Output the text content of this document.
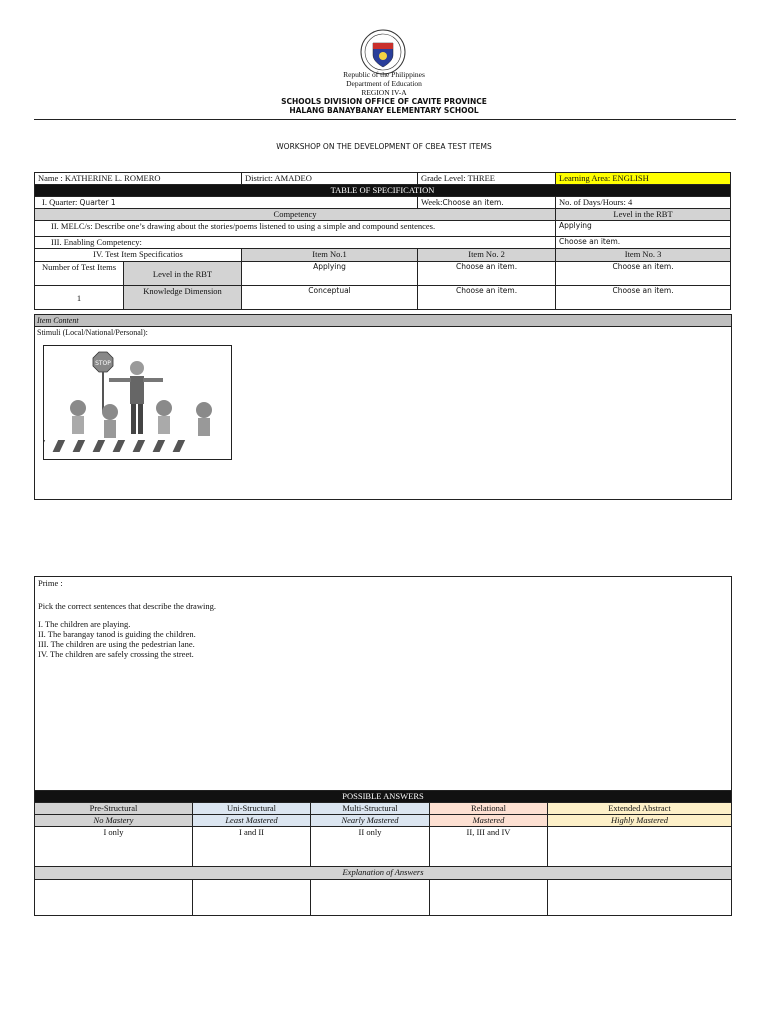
Republic of the Philippines
Department of Education
REGION IV-A
SCHOOLS DIVISION OFFICE OF CAVITE PROVINCE
HALANG BANAYBANAY ELEMENTARY SCHOOL
WORKSHOP ON THE DEVELOPMENT OF CBEA TEST ITEMS
Name : KATHERINE L. ROMERO		District: AMADEO	Grade Level: THREE	Learning Area: ENGLISH
TABLE OF SPECIFICATION				
I. Quarter: Quarter 1			Week:Choose an item.	No. of Days/Hours: 4
Competency				Level in the RBT
II. MELC/s: Describe one’s drawing about the stories/poems listened to using a simple and compound sentences.				Applying
III. Enabling Competency:				Choose an item.
IV. Test Item Specificatios		Item No.1	Item No. 2	Item No. 3
Number of Test Items	Level in the RBT	Applying	Choose an item.	Choose an item.
1	Knowledge Dimension	Conceptual	Choose an item.	Choose an item.
Item Content
Stimuli (Local/National/Personal):
STOP
Prime :
Pick the correct sentences that describe the drawing.
I. The children are playing.
II. The barangay tanod is guiding the children.
III. The children are using the pedestrian lane.
IV. The children are safely crossing the street.
POSSIBLE ANSWERS				
Pre-Structural	Uni-Structural	Multi-Structural	Relational	Extended Abstract
No Mastery	Least Mastered	Nearly Mastered	Mastered	Highly Mastered
I only	I and II	II only	II, III and IV	
Explanation of Answers				
